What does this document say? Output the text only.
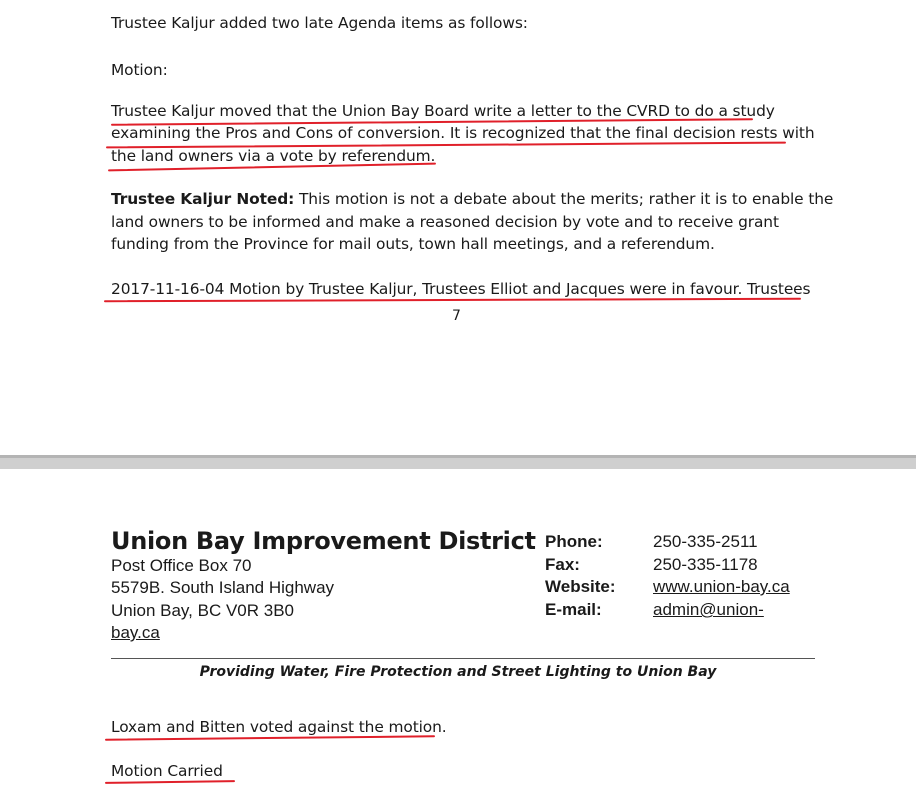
Trustee Kaljur added two late Agenda items as follows:
Motion:
Trustee Kaljur moved that the Union Bay Board write a letter to the CVRD to do a study
examining the Pros and Cons of conversion. It is recognized that the final decision rests with
the land owners via a vote by referendum.
Trustee Kaljur Noted: This motion is not a debate about the merits; rather it is to enable the
land owners to be informed and make a reasoned decision by vote and to receive grant
funding from the Province for mail outs, town hall meetings, and a referendum.
2017-11-16-04 Motion by Trustee Kaljur, Trustees Elliot and Jacques were in favour. Trustees
7
Union Bay Improvement District
Post Office Box 70
5579B. South Island Highway
Union Bay, BC V0R 3B0
bay.ca
Phone:	250-335-2511
Fax:	250-335-1178
Website: www.union-bay.ca
E-mail:	admin@union-
Providing Water, Fire Protection and Street Lighting to Union Bay
Loxam and Bitten voted against the motion.
Motion Carried
